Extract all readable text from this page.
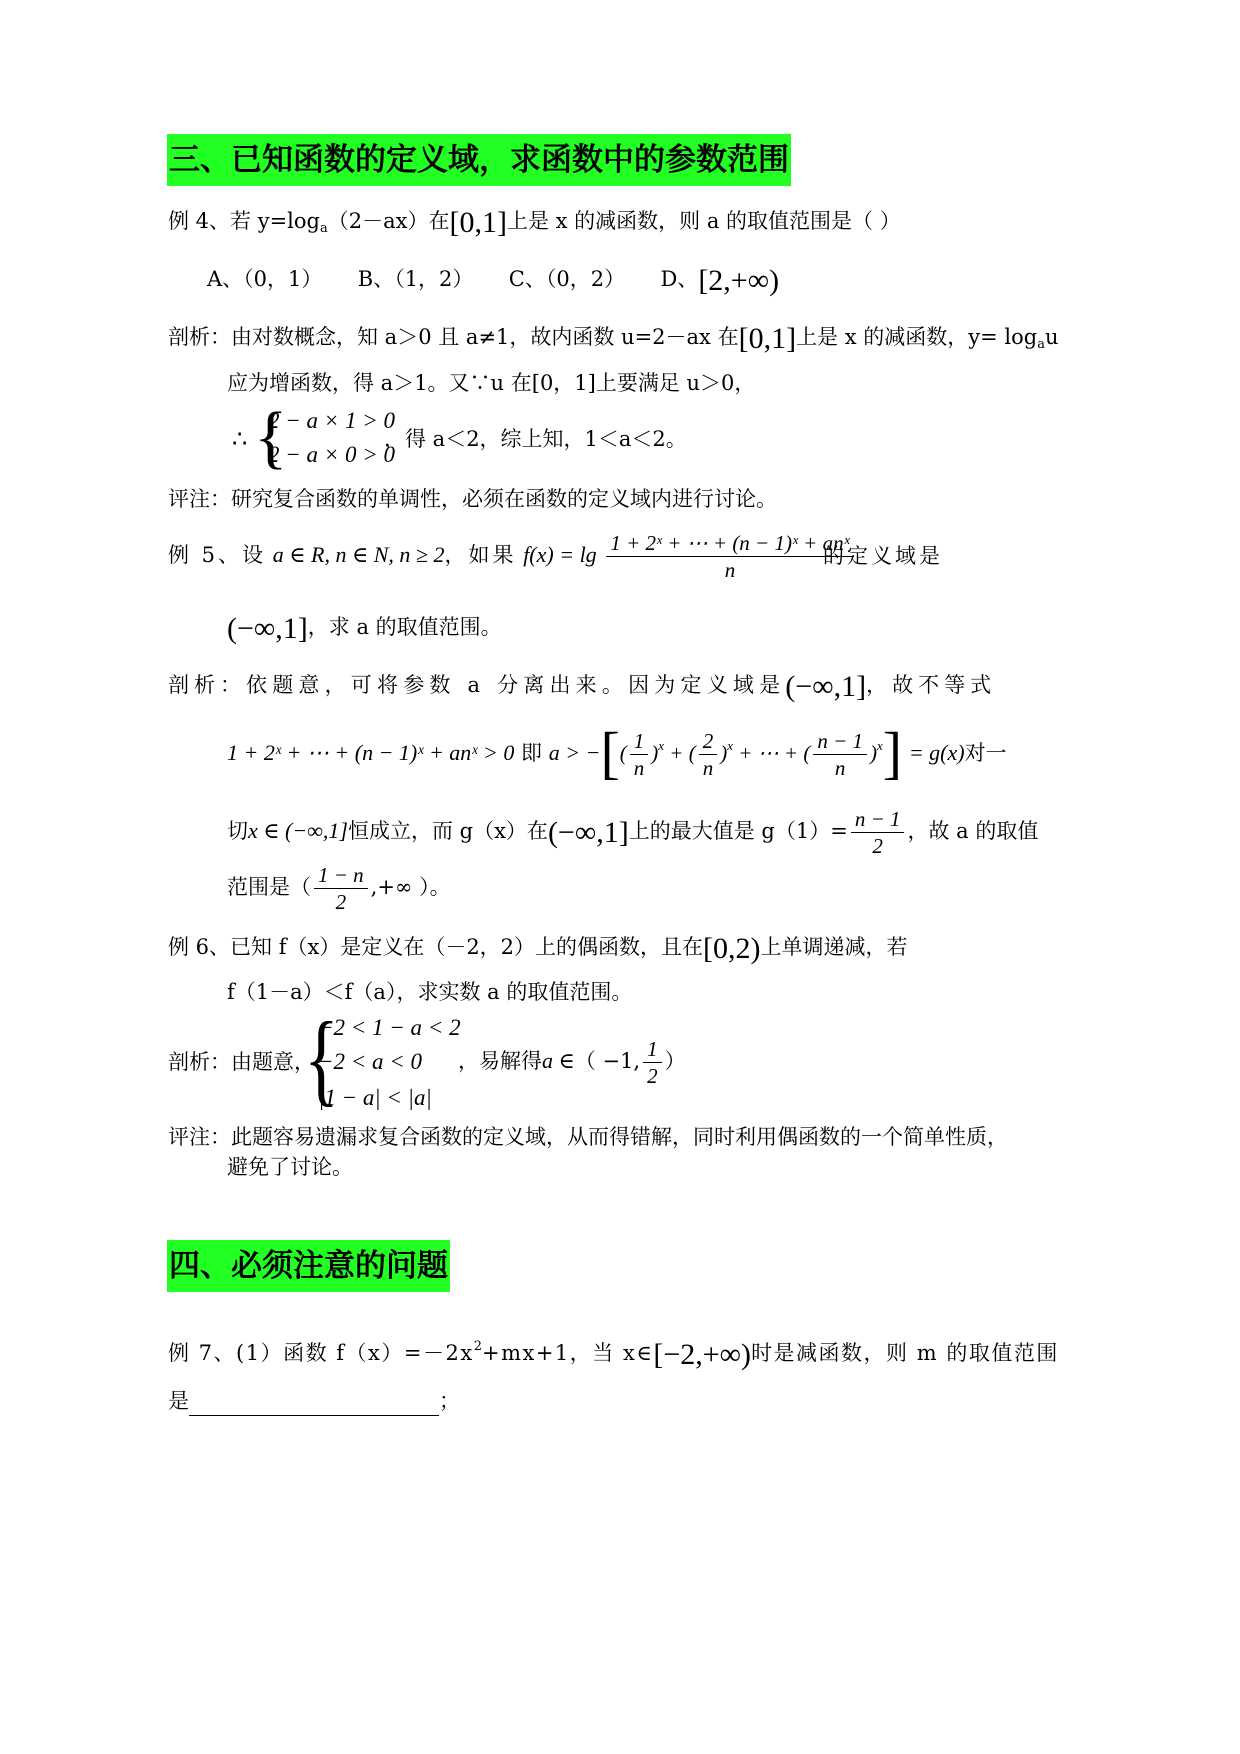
三、已知函数的定义域，求函数中的参数范围
例 4、若 $y=\log_a(2-ax)$在[0,1]上是 x 的减函数，则 a 的取值范围是（ ）
A、（0，1） B、（1，2） C、（0，2） D、[2,+∞)
剖析：由对数概念，知 a＞0 且 a≠1，故内函数 u=2－ax 在[0,1]上是 x 的减函数，$y= \log_au$
应为增函数，得 a＞1。又∵u 在[0，1]上要满足 u＞0，
∴ {
2 − a × 1 > 0
2 − a × 0 > 0
，得 a＜2，综上知，1＜a＜2。
评注：研究复合函数的单调性，必须在函数的定义域内进行讨论。
例 5、设 a ∈ R, n ∈ N, n ≥ 2，如果 $f(x) = \lg \frac{\text{1 + 2ˣ + ⋯ + (n − 1)ˣ + anˣ}}{n}$
的定义域是
(−∞,1]，求 a 的取值范围。
剖析：依题意，可将参数 a 分离出来。因为定义域是(−∞,1]，故不等式
1 + 2ˣ + ⋯ + (n − 1)ˣ + anˣ > 0 即 a > −[( $\frac{1}{n} )^x$ + ( $\frac{2}{n} )^x$ + ⋯ + ( $\frac{n - 1}{n} )^x] = g(x)$对一
切x ∈ (−∞,1]恒成立，而 g（x）在(−∞,1]上的最大值是 $g(1)= \frac{n - 1}{2}$ ，故 a 的取值
范围是（ $\frac{1 - n}{2}$ ,+∞ ）。
例 6、已知 f（x）是定义在（－2，2）上的偶函数，且在[0,2)上单调递减，若
f（1－a）＜f（a），求实数 a 的取值范围。
剖析：由题意，
{
−2 < 1 − a < 2
−2 < a < 0
|1 − a| < |a|
，易解得a ∈（ −1, $\frac{1}{2}$ ）
评注：此题容易遗漏求复合函数的定义域，从而得错解，同时利用偶函数的一个简单性质，
避免了讨论。
四、必须注意的问题
例 7、(1）函数 $f(x)=-2x^2+mx+1$，当 x∈[−2,+∞)时是减函数，则 m 的取值范围
是	；
